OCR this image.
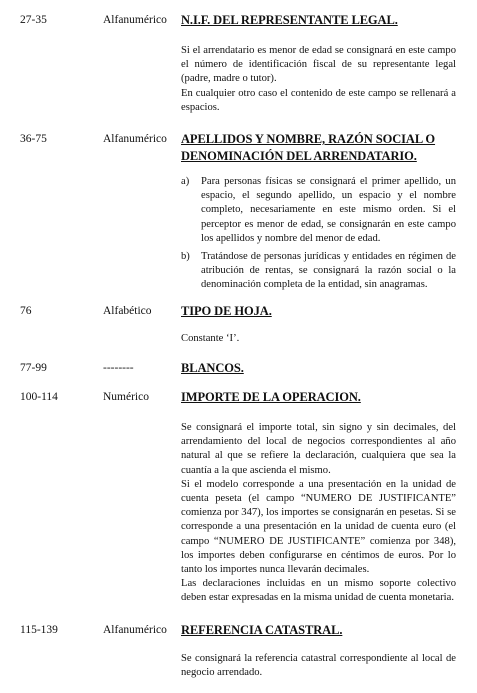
27-35	Alfanumérico N.I.F. DEL REPRESENTANTE LEGAL.

Si el arrendatario es menor de edad se consignará en este campo el número de identificación fiscal de su representante legal (padre, madre o tutor).

En cualquier otro caso el contenido de este campo se rellenará a espacios.

36-75	Alfanumérico APELLIDOS Y NOMBRE, RAZÓN SOCIAL O DENOMINACIÓN DEL ARRENDATARIO.
a) Para personas físicas se consignará el primer apellido, un espacio, el segundo apellido, un espacio y el nombre completo, necesariamente en este mismo orden. Si el perceptor es menor de edad, se consignarán en este campo los apellidos y nombre del menor de edad.
b) Tratándose de personas jurídicas y entidades en régimen de atribución de rentas, se consignará la razón social o la denominación completa de la entidad, sin anagramas.
76	Alfabético TIPO DE HOJA.

Constante ‘I’.

77-99	--------	BLANCOS.
100-114	Numérico	IMPORTE DE LA OPERACION.

Se consignará el importe total, sin signo y sin decimales, del arrendamiento del local de negocios correspondientes al año natural al que se refiere la declaración, cualquiera que sea la cuantía a la que ascienda el mismo.

Si el modelo corresponde a una presentación en la unidad de cuenta peseta (el campo “NUMERO DE JUSTIFICANTE” comienza por 347), los importes se consignarán en pesetas. Si se corresponde a una presentación en la unidad de cuenta euro (el campo “NUMERO DE JUSTIFICANTE” comienza por 348), los importes deben configurarse en céntimos de euros. Por lo tanto los importes nunca llevarán decimales.

Las declaraciones incluidas en un mismo soporte colectivo deben estar expresadas en la misma unidad de cuenta monetaria.

115-139	Alfanumérico REFERENCIA CATASTRAL.

Se consignará la referencia catastral correspondiente al local de negocio arrendado.
